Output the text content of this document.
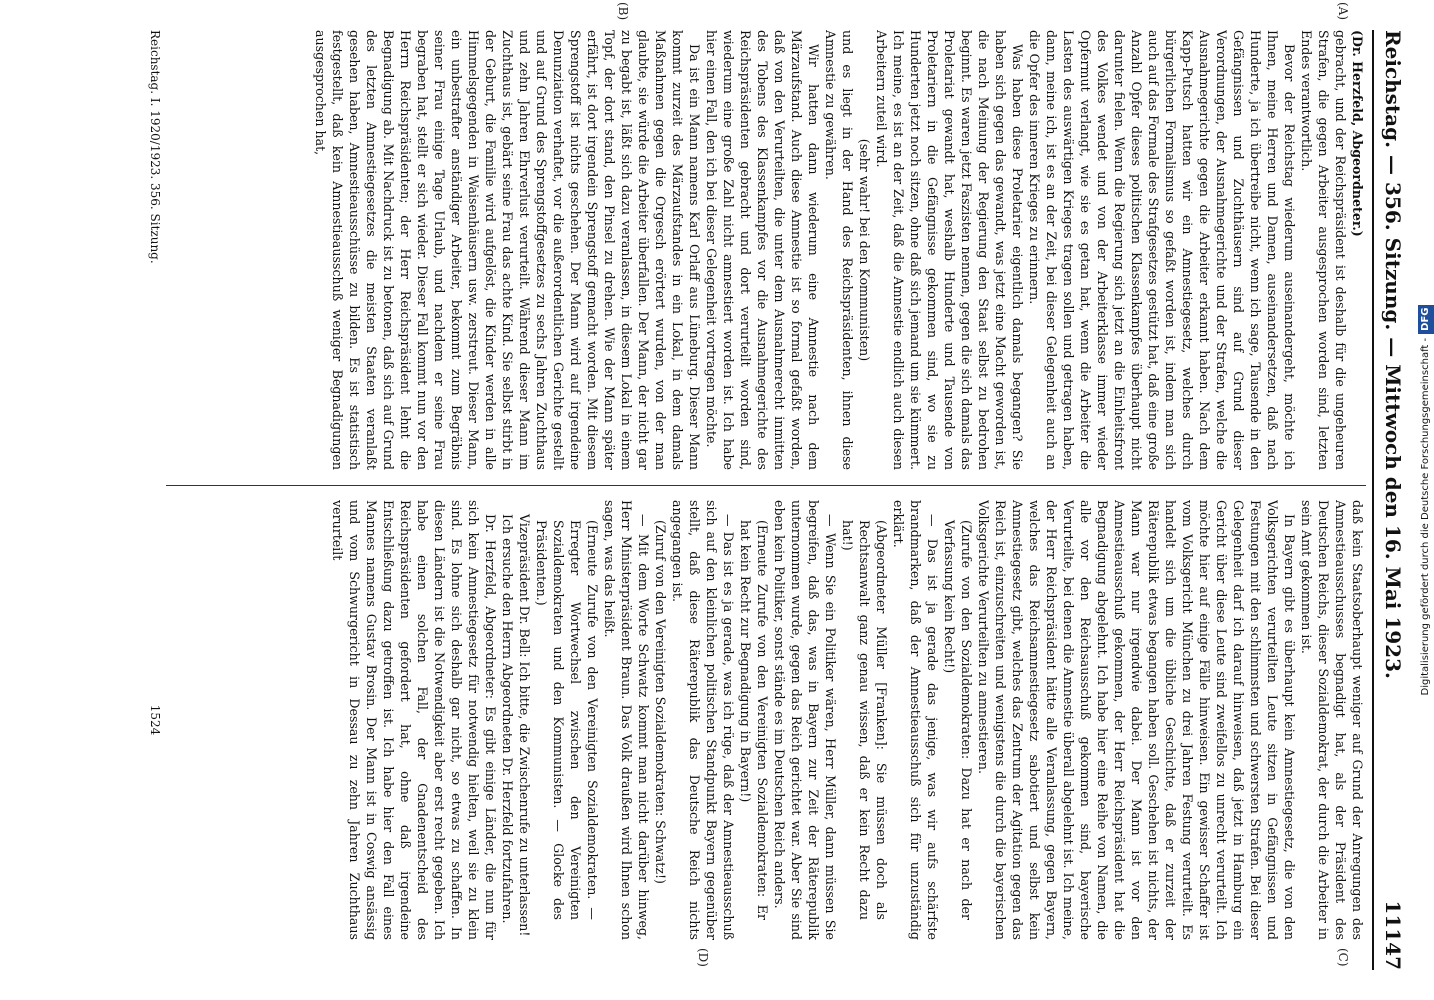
Reichstag. — 356. Sitzung. — Mittwoch den 16. Mai 1923.
11147
(A)
(B)
(C)
(D)

(Dr. Herzfeld, Abgeordneter.)

gebracht, und der Reichspräsident ist deshalb für die ungeheuren Strafen, die gegen Arbeiter ausgesprochen worden sind, letzten Endes verantwortlich.

Bevor der Reichstag wiederum auseinandergeht, möchte ich Ihnen, meine Herren und Damen, auseinandersetzen, daß nach Hunderte, ja ich übertreibe nicht, wenn ich sage, Tausende in den Gefängnissen und Zuchthäusern sind auf Grund dieser Verordnungen, der Ausnahmegerichte und der Strafen, welche die Ausnahmegerichte gegen die Arbeiter erkannt haben. Nach dem Kapp-Putsch hatten wir ein Amnestiegesetz, welches durch bürgerlichen Formalismus so gefaßt worden ist, indem man sich auch auf das Formale des Strafgesetzes gestützt hat, daß eine große Anzahl Opfer dieses politischen Klassenkampfes überhaupt nicht darunter fielen. Wenn die Regierung sich jetzt an die Einheitsfront des Volkes wendet und von der Arbeiterklasse immer wieder Opfermut verlangt, wie sie es getan hat, wenn die Arbeiter die Lasten des auswärtigen Krieges tragen sollen und getragen haben, dann, meine ich, ist es an der Zeit, bei dieser Gelegenheit auch an die Opfer des inneren Krieges zu erinnern.

Was haben diese Proletarier eigentlich damals begangen? Sie haben sich gegen das gewandt, was jetzt eine Macht geworden ist, die nach Meinung der Regierung den Staat selbst zu bedrohen beginnt. Es waren jetzt Faszisten nennen, gegen die sich damals das Proletariat gewandt hat, weshalb Hunderte und Tausende von Proletariern in die Gefängnisse gekommen sind, wo sie zu Hunderten jetzt noch sitzen, ohne daß sich jemand um sie kümmert. Ich meine, es ist an der Zeit, daß die Amnestie endlich auch diesen Arbeitern zuteil wird.

(sehr wahr! bei den Kommunisten)

und es liegt in der Hand des Reichspräsidenten, ihnen diese Amnestie zu gewähren.

Wir hatten dann wiederum eine Amnestie nach dem Märzaufstand. Auch diese Amnestie ist so formal gefaßt worden, daß von den Verurteilten, die unter dem Ausnahmerecht inmitten des Tobens des Klassenkampfes vor die Ausnahmegerichte des Reichspräsidenten gebracht und dort verurteilt worden sind, wiederum eine große Zahl nicht amnestiert worden ist. Ich habe hier einen Fall, den ich bei dieser Gelegenheit vortragen möchte.

Da ist ein Mann namens Karl Orlaff aus Lüneburg. Dieser Mann kommt zurzeit des Märzaufstandes in ein Lokal, in dem damals Maßnahmen gegen die Orgesch erörtert wurden, von der man glaubte, sie würde die Arbeiter überfallen. Der Mann, der nicht gar zu begabt ist, läßt sich dazu veranlassen, in diesem Lokal in einem Topf, der dort stand, den Pinsel zu drehen. Wie der Mann später erfährt, ist dort irgendein Sprengstoff gemacht worden. Mit diesem Sprengstoff ist nichts geschehen. Der Mann wird auf irgendeine Denunziation verhaftet, vor die außerordentlichen Gerichte gestellt und auf Grund des Sprengstoffgesetzes zu sechs Jahren Zuchthaus und zehn Jahren Ehrverlust verurteilt. Während dieser Mann im Zuchthaus ist, gebärt seine Frau das achte Kind. Sie selbst stirbt in der Geburt, die Familie wird aufgelöst, die Kinder werden in alle Himmelsgegenden in Waisenhäusern usw. zerstreut. Dieser Mann, ein unbestrafter anständiger Arbeiter, bekommt zum Begräbnis seiner Frau einige Tage Urlaub, und nachdem er seine Frau begraben hat, stellt er sich wieder. Dieser Fall kommt nun vor den Herrn Reichspräsidenten; der Herr Reichspräsident lehnt die Begnadigung ab. Mit Nachdruck ist zu betonen, daß sich auf Grund des letzten Amnestiegesetzes die meisten Staaten veranlaßt gesehen haben, Amnestieausschüsse zu bilden. Es ist statistisch festgestellt, daß kein Amnestieausschuß weniger Begnadigungen ausgesprochen hat,

daß kein Staatsoberhaupt weniger auf Grund der Anregungen des Amnestieausschusses begnadigt hat, als der Präsident des Deutschen Reichs, dieser Sozialdemokrat, der durch die Arbeiter in sein Amt gekommen ist.

In Bayern gibt es überhaupt kein Amnestiegesetz, die von den Volksgerichten verurteilten Leute sitzen in Gefängnissen und Festungen mit den schlimmsten und schwersten Strafen. Bei dieser Gelegenheit darf ich darauf hinweisen, daß jetzt in Hamburg ein Gericht über diese Leute sind zweifellos zu unrecht verurteilt. Ich möchte hier auf einige Fälle hinweisen. Ein gewisser Schaffer ist vom Volksgericht München zu drei Jahren Festung verurteilt. Es handelt sich um die übliche Geschichte, daß er zurzeit der Räterepublik etwas begangen haben soll. Geschehen ist nichts, der Mann war nur irgendwie dabei. Der Mann ist vor den Amnestieausschuß gekommen, der Herr Reichspräsident hat die Begnadigung abgelehnt. Ich habe hier eine Reihe von Namen, die alle vor den Reichsausschuß gekommen sind, bayerische Verurteilte, bei denen die Amnestie überall abgelehnt ist. Ich meine, der Herr Reichspräsident hätte alle Veranlassung, gegen Bayern, welches das Reichsamnestiegesetz sabotiert und selbst kein Amnestiegesetz gibt, welches das Zentrum der Agitation gegen das Reich ist, einzuschreiten und wenigstens die durch die bayerischen Volksgerichte Verurteilten zu amnestieren.

(Zurufe von den Sozialdemokraten: Dazu hat er nach der Verfassung kein Recht!)

— Das ist ja gerade das jenige, was wir aufs schärfste brandmarken, daß der Amnestieausschuß sich für unzuständig erklärt.

(Abgeordneter Müller [Franken]: Sie müssen doch als Rechtsanwalt ganz genau wissen, daß er kein Recht dazu hat!)

— Wenn Sie ein Politiker wären, Herr Müller, dann müssen Sie begreifen, daß das, was in Bayern zur Zeit der Räterepublik unternommen wurde, gegen das Reich gerichtet war. Aber Sie sind eben kein Politiker, sonst stände es im Deutschen Reich anders.

(Erneute Zurufe von den Vereinigten Sozialdemokraten: Er hat kein Recht zur Begnadigung in Bayern!)

— Das ist es ja gerade, was ich rüge, daß der Amnestieausschuß sich auf den kleinlichen politischen Standpunkt Bayern gegenüber stellt, daß diese Räterepublik das Deutsche Reich nichts angegangen ist.

(Zuruf von den Vereinigten Sozialdemokraten: Schwatz!)

— Mit dem Worte Schwatz kommt man nicht darüber hinweg, Herr Ministerpräsident Braun. Das Volk draußen wird Ihnen schon sagen, was das heißt.

(Erneute Zurufe von den Vereinigten Sozialdemokraten. — Erregter Wortwechsel zwischen den Vereinigten Sozialdemokraten und den Kommunisten. — Glocke des Präsidenten.)

Vizepräsident Dr. Bell: Ich bitte, die Zwischenrufe zu unterlassen!

Ich ersuche den Herrn Abgeordneten Dr. Herzfeld fortzufahren.

Dr. Herzfeld, Abgeordneter: Es gibt einige Länder, die nun für sich kein Amnestiegesetz für notwendig hielten, weil sie zu klein sind. Es lohne sich deshalb gar nicht, so etwas zu schaffen. In diesen Ländern ist die Notwendigkeit aber erst recht gegeben. Ich habe einen solchen Fall, der Gnadenentscheid des Reichspräsidenten gefordert hat, ohne daß irgendeine Entschließung dazu getroffen ist. Ich habe hier den Fall eines Mannes namens Gustav Brosin. Der Mann ist in Coswig ansässig und vom Schwurgericht in Dessau zu zehn Jahren Zuchthaus verurteilt

Reichstag. I. 1920/1923. 356. Sitzung.
1524
Digitalisierung gefördert durch die Deutsche Forschungsgemeinschaft -DFG
